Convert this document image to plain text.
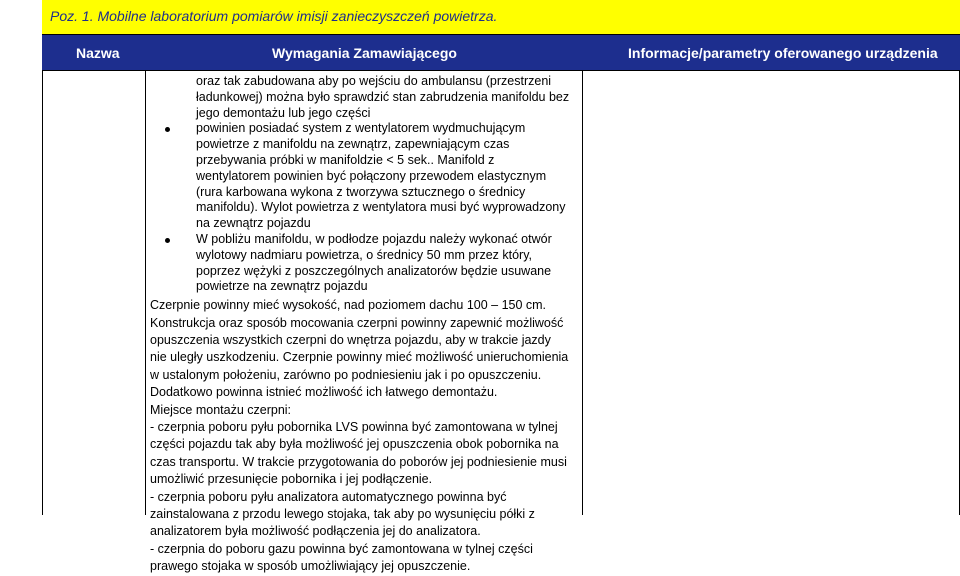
Poz. 1. Mobilne laboratorium pomiarów imisji zanieczyszczeń powietrza.
Nazwa	Wymagania Zamawiającego	Informacje/parametry oferowanego urządzenia
oraz tak zabudowana aby po wejściu do ambulansu (przestrzeni
ładunkowej) można było sprawdzić stan zabrudzenia manifoldu bez
jego demontażu lub jego części
powinien posiadać system z wentylatorem wydmuchującym
powietrze z manifoldu na zewnątrz, zapewniającym czas
przebywania próbki w manifoldzie < 5 sek.. Manifold z
wentylatorem powinien być połączony przewodem elastycznym
(rura karbowana wykona z tworzywa sztucznego o średnicy
manifoldu). Wylot powietrza z wentylatora musi być wyprowadzony
na zewnątrz pojazdu
W pobliżu manifoldu, w podłodze pojazdu należy wykonać otwór
wylotowy nadmiaru powietrza, o średnicy 50 mm przez który,
poprzez wężyki z poszczególnych analizatorów będzie usuwane
powietrze na zewnątrz pojazdu
Czerpnie powinny mieć wysokość, nad poziomem dachu 100 – 150 cm.
Konstrukcja oraz sposób mocowania czerpni powinny zapewnić możliwość
opuszczenia wszystkich czerpni do wnętrza pojazdu, aby w trakcie jazdy
nie uległy uszkodzeniu. Czerpnie powinny mieć możliwość unieruchomienia
w ustalonym położeniu, zarówno po podniesieniu jak i po opuszczeniu.
Dodatkowo powinna istnieć możliwość ich łatwego demontażu.
Miejsce montażu czerpni:
- czerpnia poboru pyłu pobornika LVS powinna być zamontowana w tylnej
części pojazdu tak aby była możliwość jej opuszczenia obok pobornika na
czas transportu. W trakcie przygotowania do poborów jej podniesienie musi
umożliwić przesunięcie pobornika i jej podłączenie.
- czerpnia poboru pyłu analizatora automatycznego powinna być
zainstalowana z przodu lewego stojaka, tak aby po wysunięciu półki z
analizatorem była możliwość podłączenia jej do analizatora.
- czerpnia do poboru gazu powinna być zamontowana w tylnej części
prawego stojaka w sposób umożliwiający jej opuszczenie.
